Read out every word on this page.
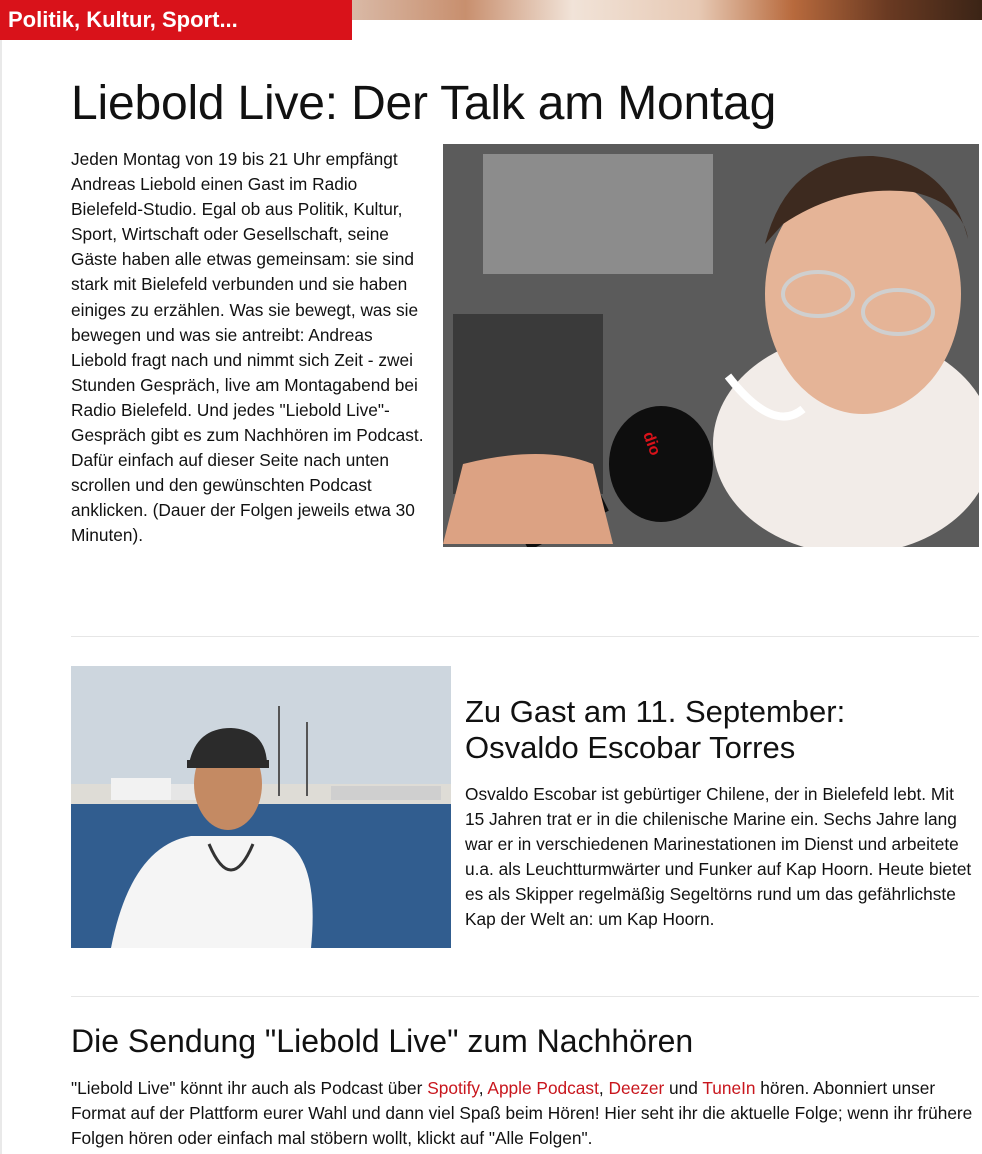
Politik, Kultur, Sport...
Liebold Live: Der Talk am Montag

Jeden Montag von 19 bis 21 Uhr empfängt Andreas Liebold einen Gast im Radio Bielefeld-Studio. Egal ob aus Politik, Kultur, Sport, Wirtschaft oder Gesellschaft, seine Gäste haben alle etwas gemeinsam: sie sind stark mit Bielefeld verbunden und sie haben einiges zu erzählen. Was sie bewegt, was sie bewegen und was sie antreibt: Andreas Liebold fragt nach und nimmt sich Zeit - zwei Stunden Gespräch, live am Montagabend bei Radio Bielefeld. Und jedes "Liebold Live"-Gespräch gibt es zum Nachhören im Podcast. Dafür einfach auf dieser Seite nach unten scrollen und den gewünschten Podcast anklicken. (Dauer der Folgen jeweils etwa 30 Minuten).

dio
Zu Gast am 11. September:
Osvaldo Escobar Torres

Osvaldo Escobar ist gebürtiger Chilene, der in Bielefeld lebt. Mit 15 Jahren trat er in die chilenische Marine ein. Sechs Jahre lang war er in verschiedenen Marinestationen im Dienst und arbeitete u.a. als Leuchtturmwärter und Funker auf Kap Hoorn. Heute bietet es als Skipper regelmäßig Segeltörns rund um das gefährlichste Kap der Welt an: um Kap Hoorn.

Die Sendung "Liebold Live" zum Nachhören

"Liebold Live" könnt ihr auch als Podcast über Spotify, Apple Podcast, Deezer und TuneIn hören. Abonniert unser Format auf der Plattform eurer Wahl und dann viel Spaß beim Hören! Hier seht ihr die aktuelle Folge; wenn ihr frühere Folgen hören oder einfach mal stöbern wollt, klickt auf "Alle Folgen".
